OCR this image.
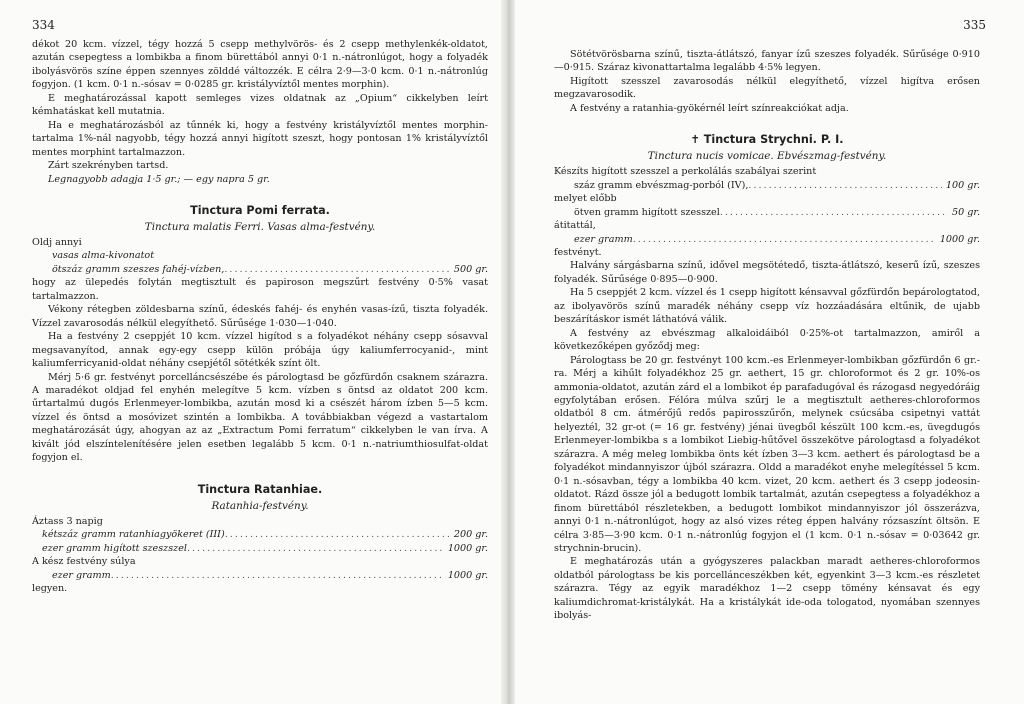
334

dékot 20 kcm. vízzel, tégy hozzá 5 csepp methylvörös- és 2 csepp methylenkék-oldatot, azután csepegtess a lombikba a finom bürettából annyi 0·1 n.-nátronlúgot, hogy a folyadék ibolyásvörös színe éppen szennyes zölddé változzék. E célra 2·9—3·0 kcm. 0·1 n.-nátronlúg fogyjon. (1 kcm. 0·1 n.-sósav = 0·0285 gr. kristályvíztől mentes morphin).

E meghatározással kapott semleges vizes oldatnak az „Opium“ cikkelyben leírt kémhatáskat kell mutatnia.

Ha e meghatározásból az tűnnék ki, hogy a festvény kristályvíztől mentes morphin-tartalma 1%-nál nagyobb, tégy hozzá annyi higított szeszt, hogy pontosan 1% kristályvíztől mentes morphint tartalmazzon.

Zárt szekrényben tartsd.

Legnagyobb adagja 1·5 gr.; — egy napra 5 gr.

Tinctura Pomi ferrata.
Tinctura malatis Ferri. Vasas alma-festvény.

Oldj annyi

vasas alma-kivonatot

ötszáz gramm szeszes fahéj-vízben, .....	500 gr.

hogy az ülepedés folytán megtisztult és papiroson megszűrt festvény 0·5% vasat tartalmazzon.

Vékony rétegben zöldesbarna színű, édeskés fahéj- és enyhén vasas-ízű, tiszta folyadék. Vízzel zavarosodás nélkül elegyíthető. Sűrűsége 1·030—1·040.

Ha a festvény 2 cseppjét 10 kcm. vízzel higítod s a folyadékot néhány csepp sósavval megsavanyítod, annak egy-egy csepp külön próbája úgy kaliumferrocyanid-, mint kaliumferricyanid-oldat néhány csepjétől sötétkék színt ölt.

Mérj 5·6 gr. festvényt porcelláncsészébe és párologtasd be gőzfürdőn csaknem szárazra. A maradékot oldjad fel enyhén melegítve 5 kcm. vízben s öntsd az oldatot 200 kcm. űrtartalmú dugós Erlenmeyer-lombikba, azután mosd ki a csészét három ízben 5—5 kcm. vízzel és öntsd a mosóvizet szintén a lombikba. A továbbiakban végezd a vastartalom meghatározását úgy, ahogyan az az „Extractum Pomi ferratum“ cikkelyben le van írva. A kivált jód elszíntelenítésére jelen esetben legalább 5 kcm. 0·1 n.-natriumthiosulfat-oldat fogyjon el.

Tinctura Ratanhiae.
Ratanhia-festvény.

Áztass 3 napig

kétszáz gramm ratanhiagyökeret (III) .....	200 gr.
ezer gramm higított szeszszel .....	1000 gr.

A kész festvény súlya

ezer gramm .....	1000 gr.

legyen.

335

Sötétvörösbarna színű, tiszta-átlátszó, fanyar ízű szeszes folyadék. Sűrűsége 0·910—0·915. Száraz kivonattartalma legalább 4·5% legyen.

Higított szesszel zavarosodás nélkül elegyíthető, vízzel higítva erősen megzavarosodik.

A festvény a ratanhia-gyökérnél leírt színreakciókat adja.

✝ Tinctura Strychni. P. I.
Tinctura nucis vomicae. Ebvészmag-festvény.

Készíts higított szesszel a perkolálás szabályai szerint

száz gramm ebvészmag-porból (IV), .....	100 gr.

melyet előbb

ötven gramm higított szesszel .....	50 gr.

átitattál,

ezer gramm .....	1000 gr.

festvényt.

Halvány sárgásbarna színű, idővel megsötétedő, tiszta-átlátszó, keserű ízű, szeszes folyadék. Sűrűsége 0·895—0·900.

Ha 5 cseppjét 2 kcm. vízzel és 1 csepp higított kénsavval gőzfürdőn bepárologtatod, az ibolyavörös színű maradék néhány csepp víz hozzáadására eltűnik, de ujabb beszárításkor ismét láthatóvá válik.

A festvény az ebvészmag alkaloidáiból 0·25%-ot tartalmazzon, amiről a következőképen győződj meg:

Párologtass be 20 gr. festvényt 100 kcm.-es Erlenmeyer-lombikban gőzfürdőn 6 gr.-ra. Mérj a kihűlt folyadékhoz 25 gr. aethert, 15 gr. chloroformot és 2 gr. 10%-os ammonia-oldatot, azután zárd el a lombikot ép parafadugóval és rázogasd negyedóráig egyfolytában erősen. Félóra múlva szűrj le a megtisztult aetheres-chloroformos oldatból 8 cm. átmérőjű redős papirosszűrőn, melynek csúcsába csipetnyi vattát helyeztél, 32 gr-ot (= 16 gr. festvény) jénai üvegből készült 100 kcm.-es, üvegdugós Erlenmeyer-lombikba s a lombikot Liebig-hűtővel összekötve párologtasd a folyadékot szárazra. A még meleg lombikba önts két ízben 3—3 kcm. aethert és párologtasd be a folyadékot mindannyiszor újból szárazra. Oldd a maradékot enyhe melegítéssel 5 kcm. 0·1 n.-sósavban, tégy a lombikba 40 kcm. vizet, 20 kcm. aethert és 3 csepp jodeosin-oldatot. Rázd össze jól a bedugott lombik tartalmát, azután csepegtess a folyadékhoz a finom bürettából részletekben, a bedugott lombikot mindannyiszor jól összerázva, annyi 0·1 n.-nátronlúgot, hogy az alsó vizes réteg éppen halvány rózsaszínt öltsön. E célra 3·85—3·90 kcm. 0·1 n.-nátronlúg fogyjon el (1 kcm. 0·1 n.-sósav = 0·03642 gr. strychnin-brucin).

E meghatározás után a gyógyszeres palackban maradt aetheres-chloroformos oldatból párologtass be kis porcellánceszékben két, egyenkint 3—3 kcm.-es részletet szárazra. Tégy az egyik maradékhoz 1—2 csepp tömény kénsavat és egy kaliumdichromat-kristálykát. Ha a kristálykát ide-oda tologatod, nyomában szennyes ibolyás-
